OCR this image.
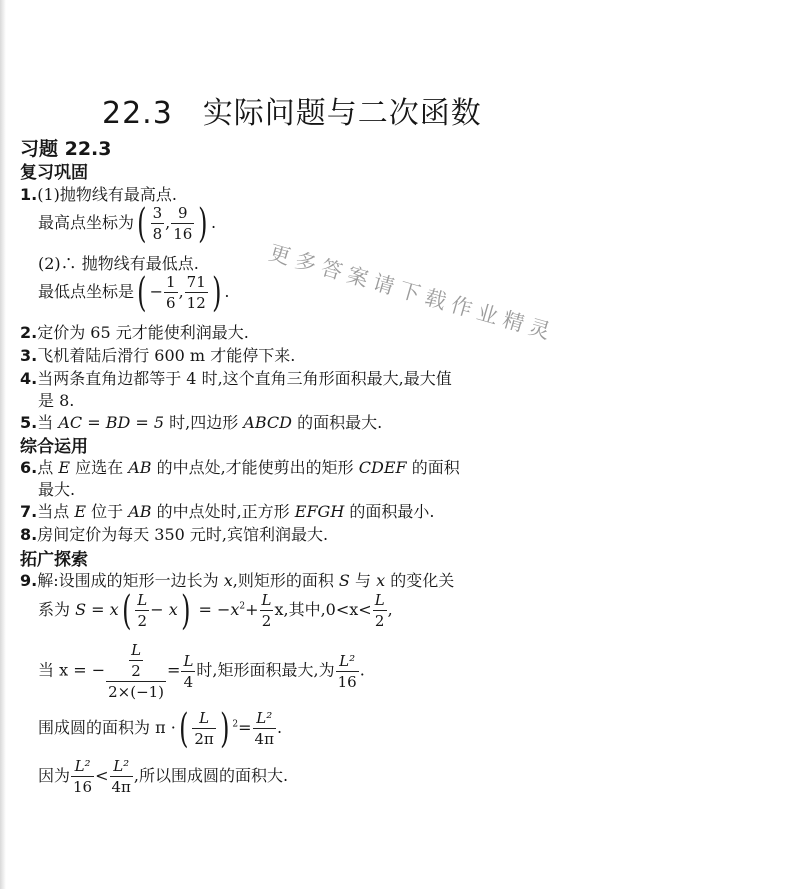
22.3 实际问题与二次函数
习题 22.3
复习巩固
1.(1)抛物线有最高点.
最高点坐标为( $\frac{3}{8}$ , $\frac{9}{16}$ ) .
(2)∴ 抛物线有最低点.
最低点坐标是( − $\frac{1}{6}$ , $\frac{71}{12}$ ) . 更多答案请下载作业精灵
2.定价为 65 元才能使利润最大.
3.飞机着陆后滑行 600 m 才能停下来.
4.当两条直角边都等于 4 时,这个直角三角形面积最大,最大值
是 8.
5.当 AC = BD = 5 时,四边形 ABCD 的面积最大.
综合运用
6.点 E 应选在 AB 的中点处,才能使剪出的矩形 CDEF 的面积
最大.
7.当点 E 位于 AB 的中点处时,正方形 EFGH 的面积最小.
8.房间定价为每天 350 元时,宾馆利润最大.
拓广探索
9.解:设围成的矩形一边长为 x,则矩形的面积 S 与 x 的变化关
系为 $S = x( \frac{L}{2} - x) = -x^2+ \frac{L}{2} x$,其中$,0<x< \frac{L}{2}$ ,
当 x = − $\frac{\frac{L}{2}}{2\times(-1)} = \frac{L}{4}$ 时,矩形面积最大,为 $\frac{\text{L²}}{16}$ .
围成圆的面积为 π ·( $\frac{L}{2\pi}$ ) $^2= \frac{\text{L²}}{4\pi}$ .
因为 $\frac{\text{L²}}{16} < \frac{\text{L²}}{4\pi}$ ,所以围成圆的面积大.
